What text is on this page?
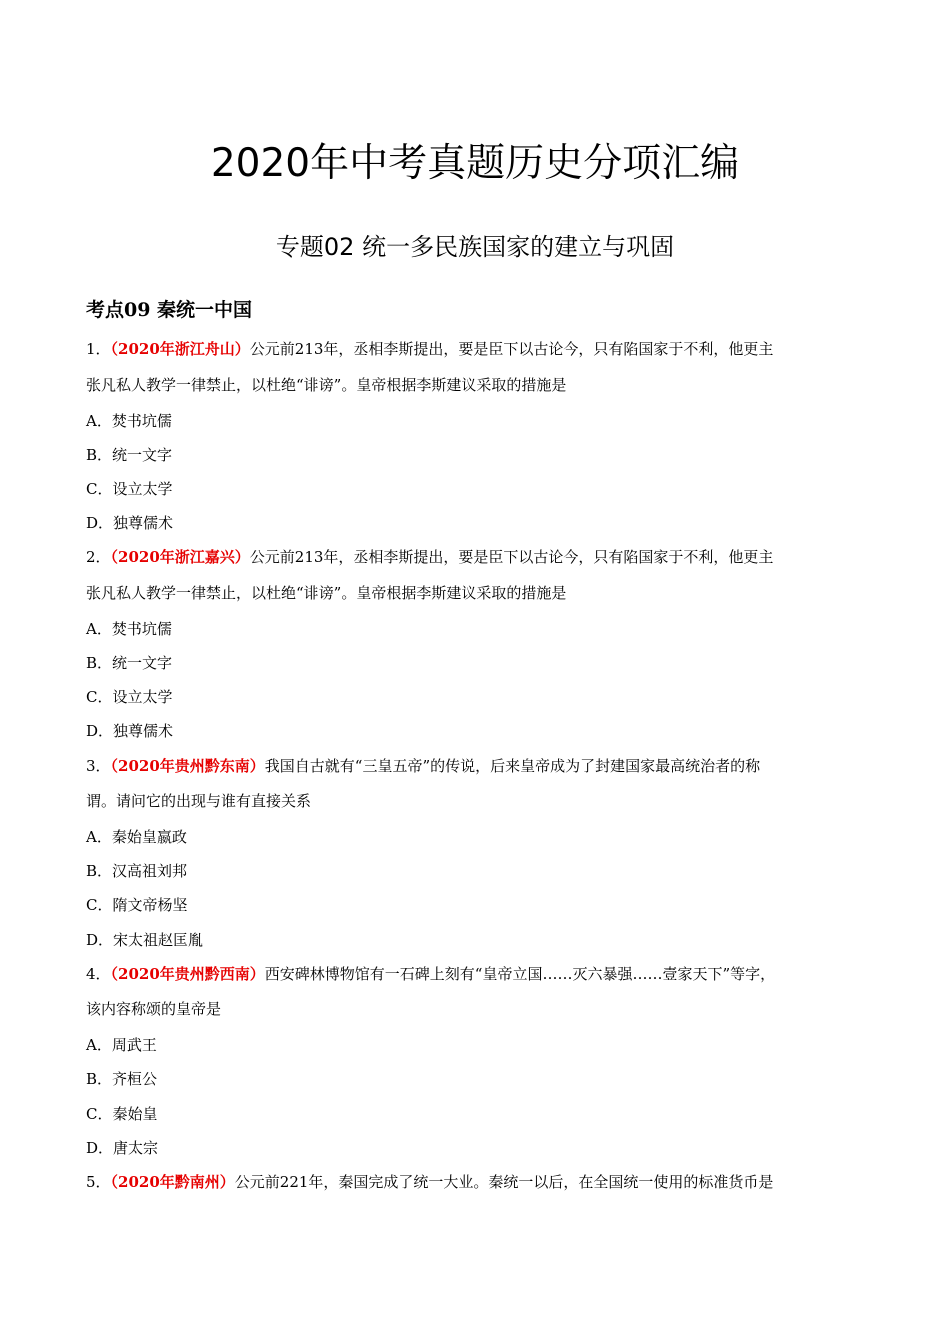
2020年中考真题历史分项汇编
专题02 统一多民族国家的建立与巩固
考点09 秦统一中国
1．（2020年浙江舟山）公元前213年，丞相李斯提出，要是臣下以古论今，只有陷国家于不利，他更主
张凡私人教学一律禁止，以杜绝“诽谤”。皇帝根据李斯建议采取的措施是
A．焚书坑儒
B．统一文字
C．设立太学
D．独尊儒术
2．（2020年浙江嘉兴）公元前213年，丞相李斯提出，要是臣下以古论今，只有陷国家于不利，他更主
张凡私人教学一律禁止，以杜绝“诽谤”。皇帝根据李斯建议采取的措施是
A．焚书坑儒
B．统一文字
C．设立太学
D．独尊儒术
3．（2020年贵州黔东南）我国自古就有“三皇五帝”的传说，后来皇帝成为了封建国家最高统治者的称
谓。请问它的出现与谁有直接关系
A．秦始皇嬴政
B．汉高祖刘邦
C．隋文帝杨坚
D．宋太祖赵匡胤
4．（2020年贵州黔西南）西安碑林博物馆有一石碑上刻有“皇帝立国……灭六暴强……壹家天下”等字，
该内容称颂的皇帝是
A．周武王
B．齐桓公
C．秦始皇
D．唐太宗
5．（2020年黔南州）公元前221年，秦国完成了统一大业。秦统一以后，在全国统一使用的标准货币是
